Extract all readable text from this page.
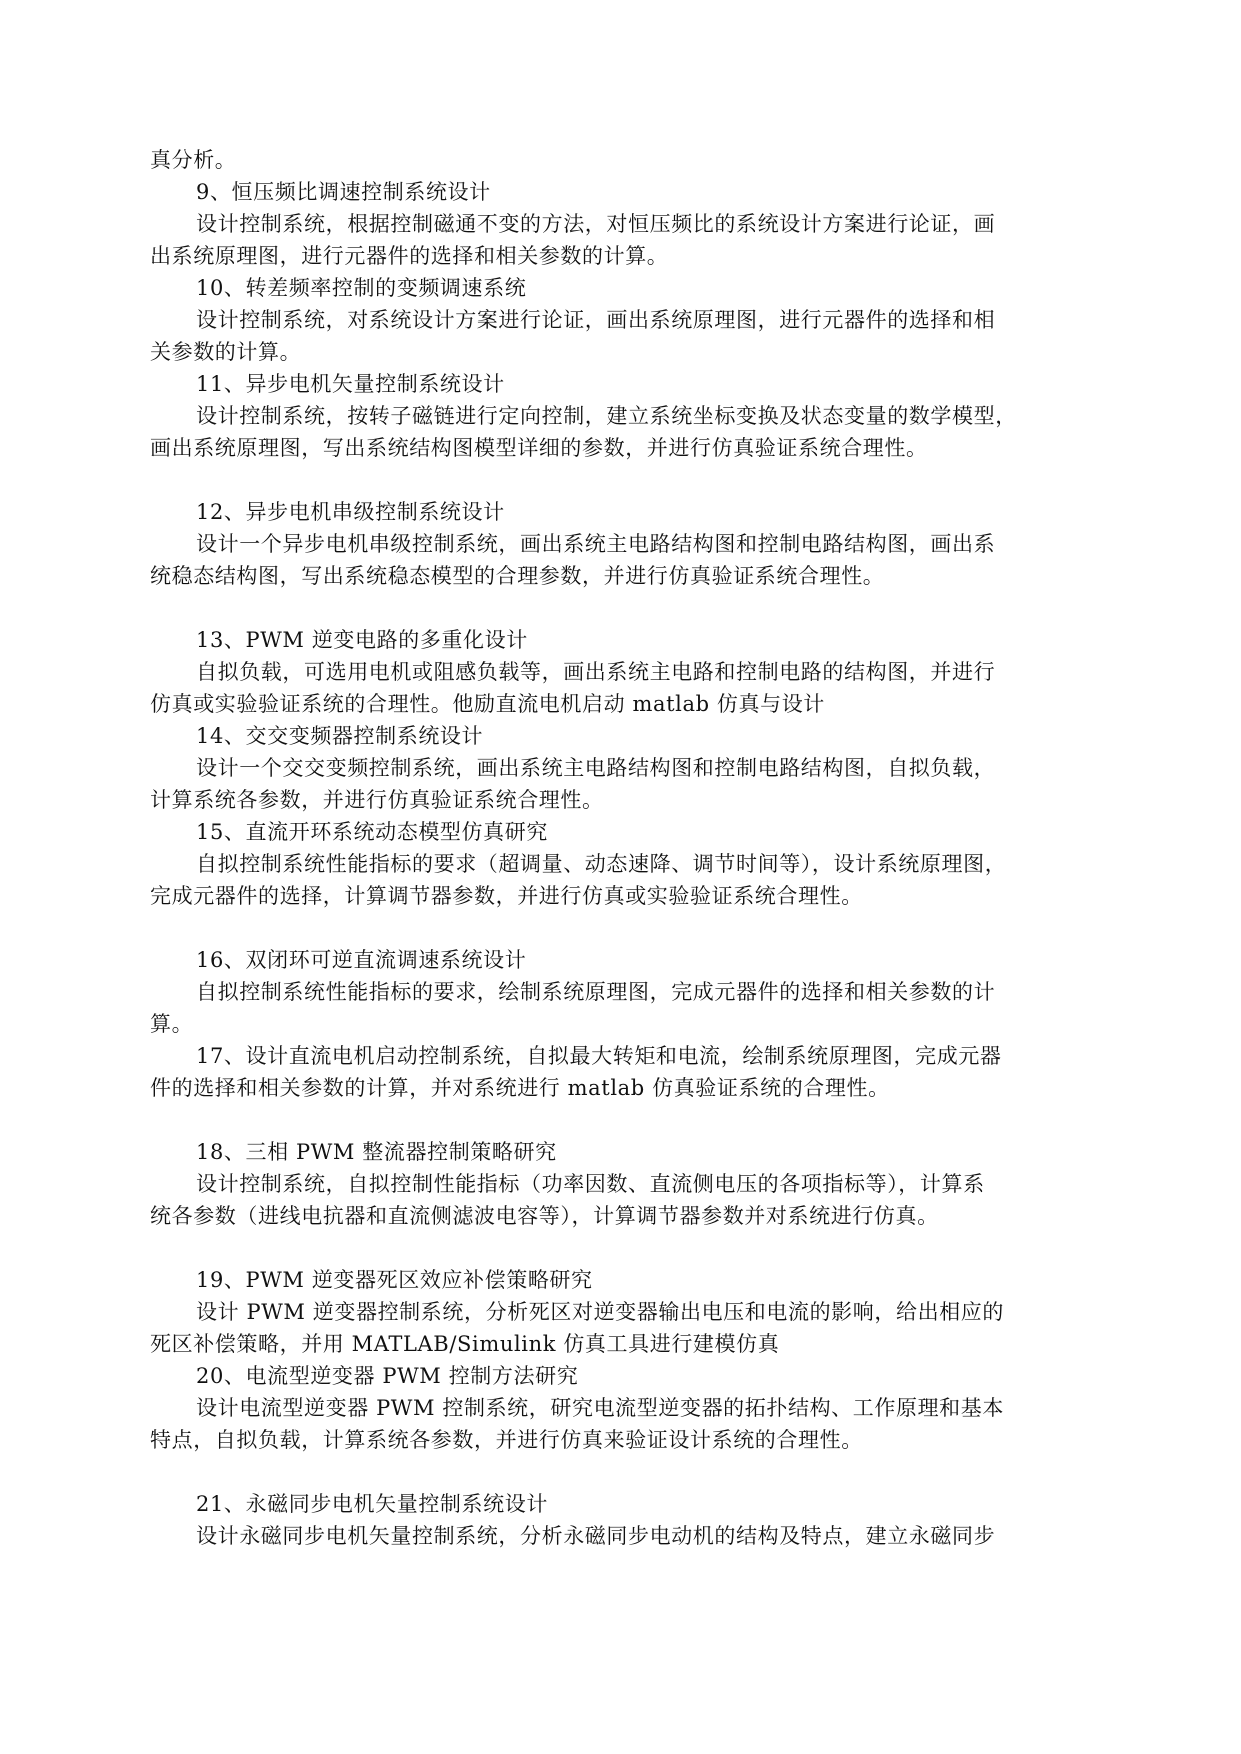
真分析。
9、恒压频比调速控制系统设计
设计控制系统，根据控制磁通不变的方法，对恒压频比的系统设计方案进行论证，画
出系统原理图，进行元器件的选择和相关参数的计算。
10、转差频率控制的变频调速系统
设计控制系统，对系统设计方案进行论证，画出系统原理图，进行元器件的选择和相
关参数的计算。
11、异步电机矢量控制系统设计
设计控制系统，按转子磁链进行定向控制，建立系统坐标变换及状态变量的数学模型，
画出系统原理图，写出系统结构图模型详细的参数，并进行仿真验证系统合理性。
12、异步电机串级控制系统设计
设计一个异步电机串级控制系统，画出系统主电路结构图和控制电路结构图，画出系
统稳态结构图，写出系统稳态模型的合理参数，并进行仿真验证系统合理性。
13、PWM 逆变电路的多重化设计
自拟负载，可选用电机或阻感负载等，画出系统主电路和控制电路的结构图，并进行
仿真或实验验证系统的合理性。他励直流电机启动 matlab 仿真与设计
14、交交变频器控制系统设计
设计一个交交变频控制系统，画出系统主电路结构图和控制电路结构图，自拟负载，
计算系统各参数，并进行仿真验证系统合理性。
15、直流开环系统动态模型仿真研究
自拟控制系统性能指标的要求（超调量、动态速降、调节时间等），设计系统原理图，
完成元器件的选择，计算调节器参数，并进行仿真或实验验证系统合理性。
16、双闭环可逆直流调速系统设计
自拟控制系统性能指标的要求，绘制系统原理图，完成元器件的选择和相关参数的计
算。
17、设计直流电机启动控制系统，自拟最大转矩和电流，绘制系统原理图，完成元器
件的选择和相关参数的计算，并对系统进行 matlab 仿真验证系统的合理性。
18、三相 PWM 整流器控制策略研究
设计控制系统，自拟控制性能指标（功率因数、直流侧电压的各项指标等），计算系
统各参数（进线电抗器和直流侧滤波电容等），计算调节器参数并对系统进行仿真。
19、PWM 逆变器死区效应补偿策略研究
设计 PWM 逆变器控制系统，分析死区对逆变器输出电压和电流的影响，给出相应的
死区补偿策略，并用 MATLAB/Simulink 仿真工具进行建模仿真
20、电流型逆变器 PWM 控制方法研究
设计电流型逆变器 PWM 控制系统，研究电流型逆变器的拓扑结构、工作原理和基本
特点，自拟负载，计算系统各参数，并进行仿真来验证设计系统的合理性。
21、永磁同步电机矢量控制系统设计
设计永磁同步电机矢量控制系统，分析永磁同步电动机的结构及特点，建立永磁同步
